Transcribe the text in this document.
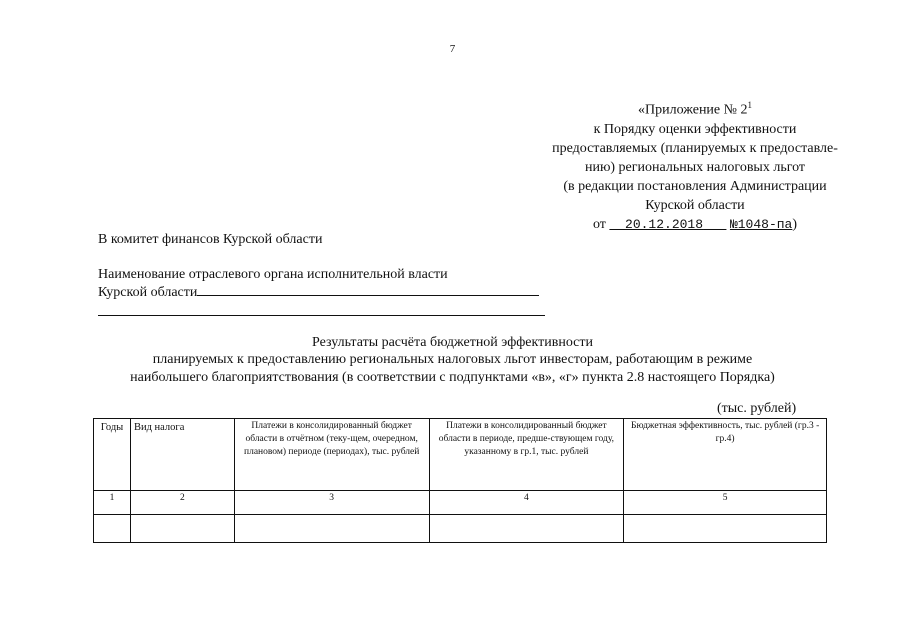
7
«Приложение № $2^1$
к Порядку оценки эффективности
предоставляемых (планируемых к предоставле-
нию) региональных налоговых льгот
(в редакции постановления Администрации
Курской области
от 20.12.2018 №1048-па)
В комитет финансов Курской области
Наименование отраслевого органа исполнительной власти
Курской области
Результаты расчёта бюджетной эффективности
планируемых к предоставлению региональных налоговых льгот инвесторам, работающим в режиме
наибольшего благоприятствования (в соответствии с подпунктами «в», «г» пункта 2.8 настоящего Порядка)
(тыс. рублей)
Годы	Вид налога	Платежи в консолидированный бюджет области в отчётном (теку-щем, очередном, плановом) периоде (периодах), тыс. рублей	Платежи в консолидированный бюджет области в периоде, предше-ствующем году, указанному в гр.1, тыс. рублей	Бюджетная эффективность, тыс. рублей (гр.3 - гр.4)
1	2	3	4	5
